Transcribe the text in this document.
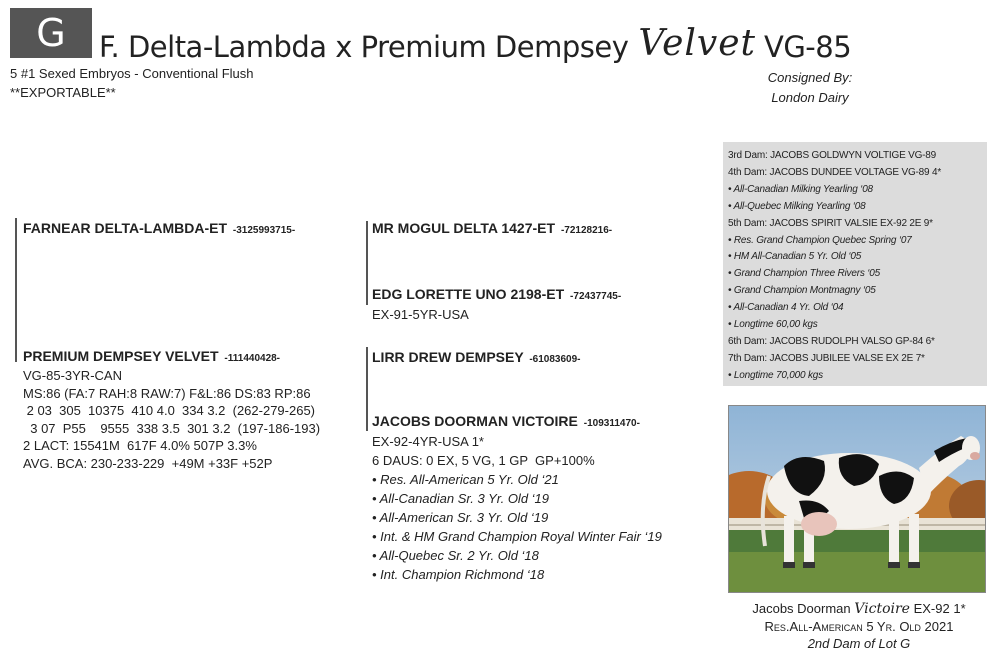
G	F. Delta-Lambda x Premium Dempsey Velvet VG-85
5 #1 Sexed Embryos - Conventional Flush
**EXPORTABLE**
Consigned By:
London Dairy
FARNEAR DELTA-LAMBDA-ET -3125993715-	MR MOGUL DELTA 1427-ET -72128216-
EDG LORETTE UNO 2198-ET -72437745-
EX-91-5YR-USA
PREMIUM DEMPSEY VELVET -111440428-
VG-85-3YR-CAN
MS:86 (FA:7 RAH:8 RAW:7) F&L:86 DS:83 RP:86
2 03  305  10375  410 4.0  334 3.2  (262-279-265)
3 07  P55    9555  338 3.5  301 3.2  (197-186-193)
2 LACT: 15541M  617F 4.0% 507P 3.3%
AVG. BCA: 230-233-229  +49M +33F +52P
LIRR DREW DEMPSEY -61083609-
JACOBS DOORMAN VICTOIRE -109311470-
EX-92-4YR-USA 1*
6 DAUS: 0 EX, 5 VG, 1 GP  GP+100%
• Res. All-American 5 Yr. Old ‘21
• All-Canadian Sr. 3 Yr. Old ‘19
• All-American Sr. 3 Yr. Old ‘19
• Int. & HM Grand Champion Royal Winter Fair ‘19
• All-Quebec Sr. 2 Yr. Old ‘18
• Int. Champion Richmond ‘18
3rd Dam: JACOBS GOLDWYN VOLTIGE VG-89
4th Dam: JACOBS DUNDEE VOLTAGE VG-89 4*
• All-Canadian Milking Yearling ‘08
• All-Quebec Milking Yearling ‘08
5th Dam: JACOBS SPIRIT VALSIE EX-92 2E 9*
• Res. Grand Champion Quebec Spring ‘07
• HM All-Canadian 5 Yr. Old ‘05
• Grand Champion Three Rivers ‘05
• Grand Champion Montmagny ‘05
• All-Canadian 4 Yr. Old ‘04
• Longtime 60,00 kgs
6th Dam: JACOBS RUDOLPH VALSO GP-84 6*
7th Dam: JACOBS JUBILEE VALSE EX 2E 7*
• Longtime 70,000 kgs
Jacobs Doorman Victoire EX-92 1*
Res.All-American 5 Yr. Old 2021
2nd Dam of Lot G
